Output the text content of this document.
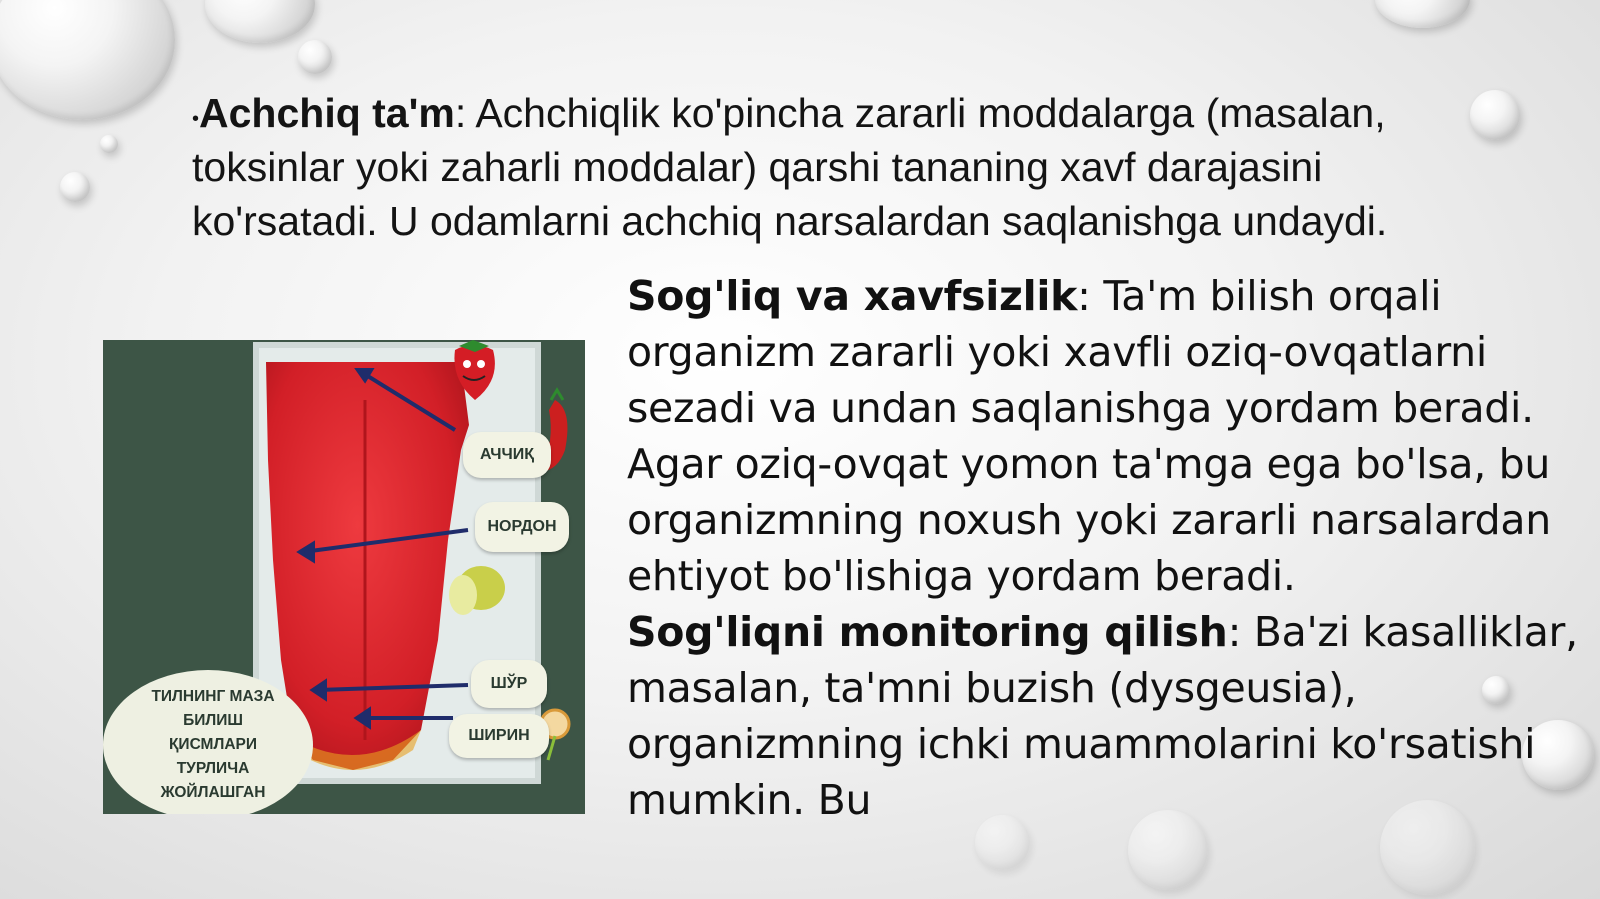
•Achchiq ta'm: Achchiqlik ko'pincha zararli moddalarga (masalan, toksinlar yoki zaharli moddalar) qarshi tananing xavf darajasini ko'rsatadi. U odamlarni achchiq narsalardan saqlanishga undaydi.
АЧЧИҚ
НОРДОН
ШЎР
ШИРИН
ТИЛНИНГ МАЗА
БИЛИШ
ҚИСМЛАРИ
ТУРЛИЧА
ЖОЙЛАШГАН
Sog'liq va xavfsizlik: Ta'm bilish orqali organizm zararli yoki xavfli oziq-ovqatlarni sezadi va undan saqlanishga yordam beradi. Agar oziq-ovqat yomon ta'mga ega bo'lsa, bu organizmning noxush yoki zararli narsalardan ehtiyot bo'lishiga yordam beradi.
Sog'liqni monitoring qilish: Ba'zi kasalliklar, masalan, ta'mni buzish (dysgeusia), organizmning ichki muammolarini ko'rsatishi mumkin. Bu
